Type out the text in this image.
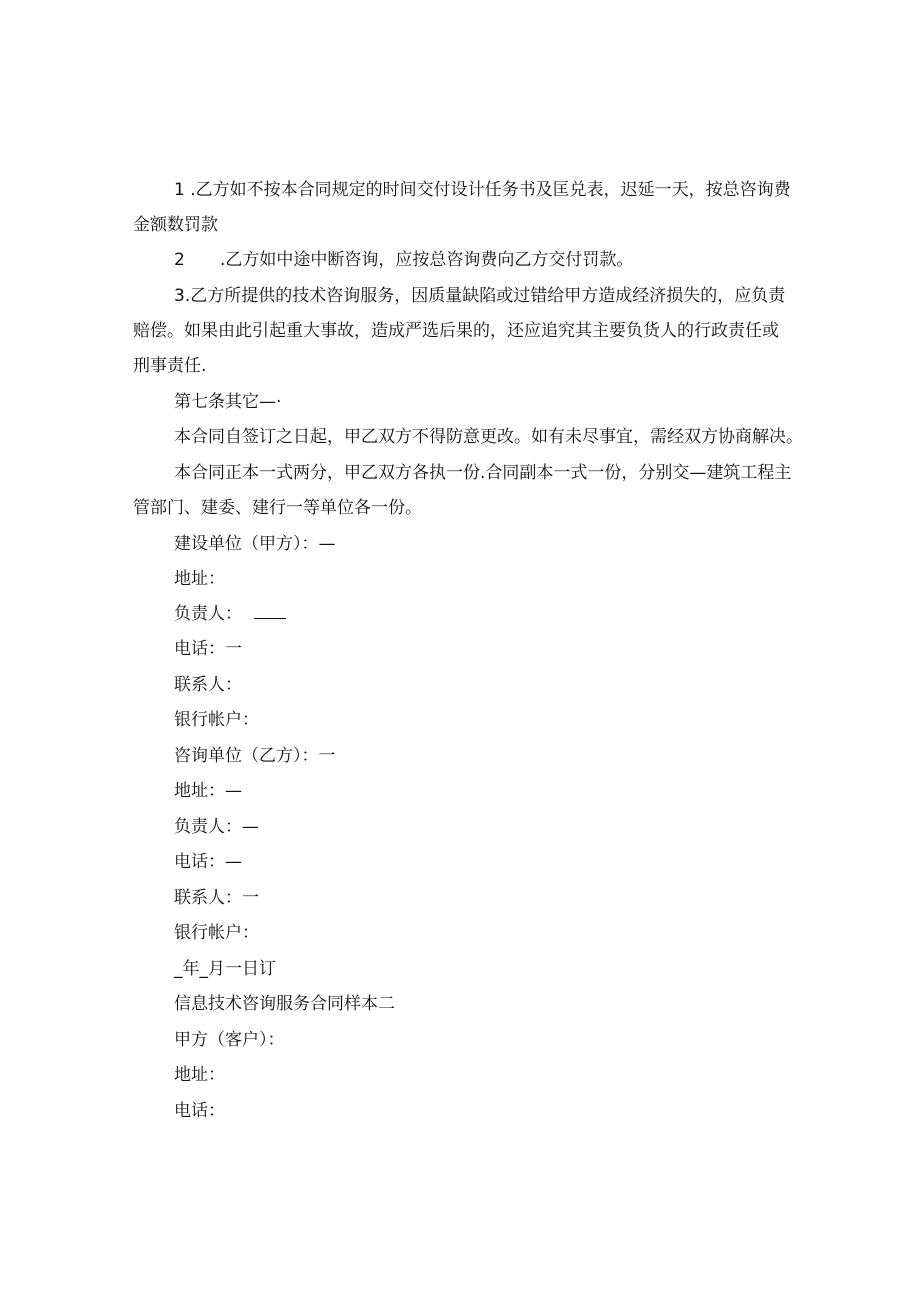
1 .乙方如不按本合同规定的时间交付设计任务书及匡兑表，迟延一天，按总咨询费金额数罚款

2 .乙方如中途中断咨询，应按总咨询费向乙方交付罚款。

3.乙方所提供的技术咨询服务，因质量缺陷或过错给甲方造成经济损失的，应负责赔偿。如果由此引起重大事故，造成严选后果的，还应追究其主要负货人的行政责任或刑事责任.

第七条其它—·

本合同自签订之日起，甲乙双方不得防意更改。如有未尽事宜，需经双方协商解决。

本合同正本一式两分，甲乙双方各执一份.合同副本一式一份，分别交—建筑工程主管部门、建委、建行一等单位各一份。

建设单位（甲方）：—

地址：

负责人：

电话：一

联系人：

银行帐户：

咨询单位（乙方）：一

地址：—

负责人：—

电话：—

联系人：一

银行帐户：

_年_月一日订

信息技术咨询服务合同样本二

甲方（客户）：

地址：

电话：
